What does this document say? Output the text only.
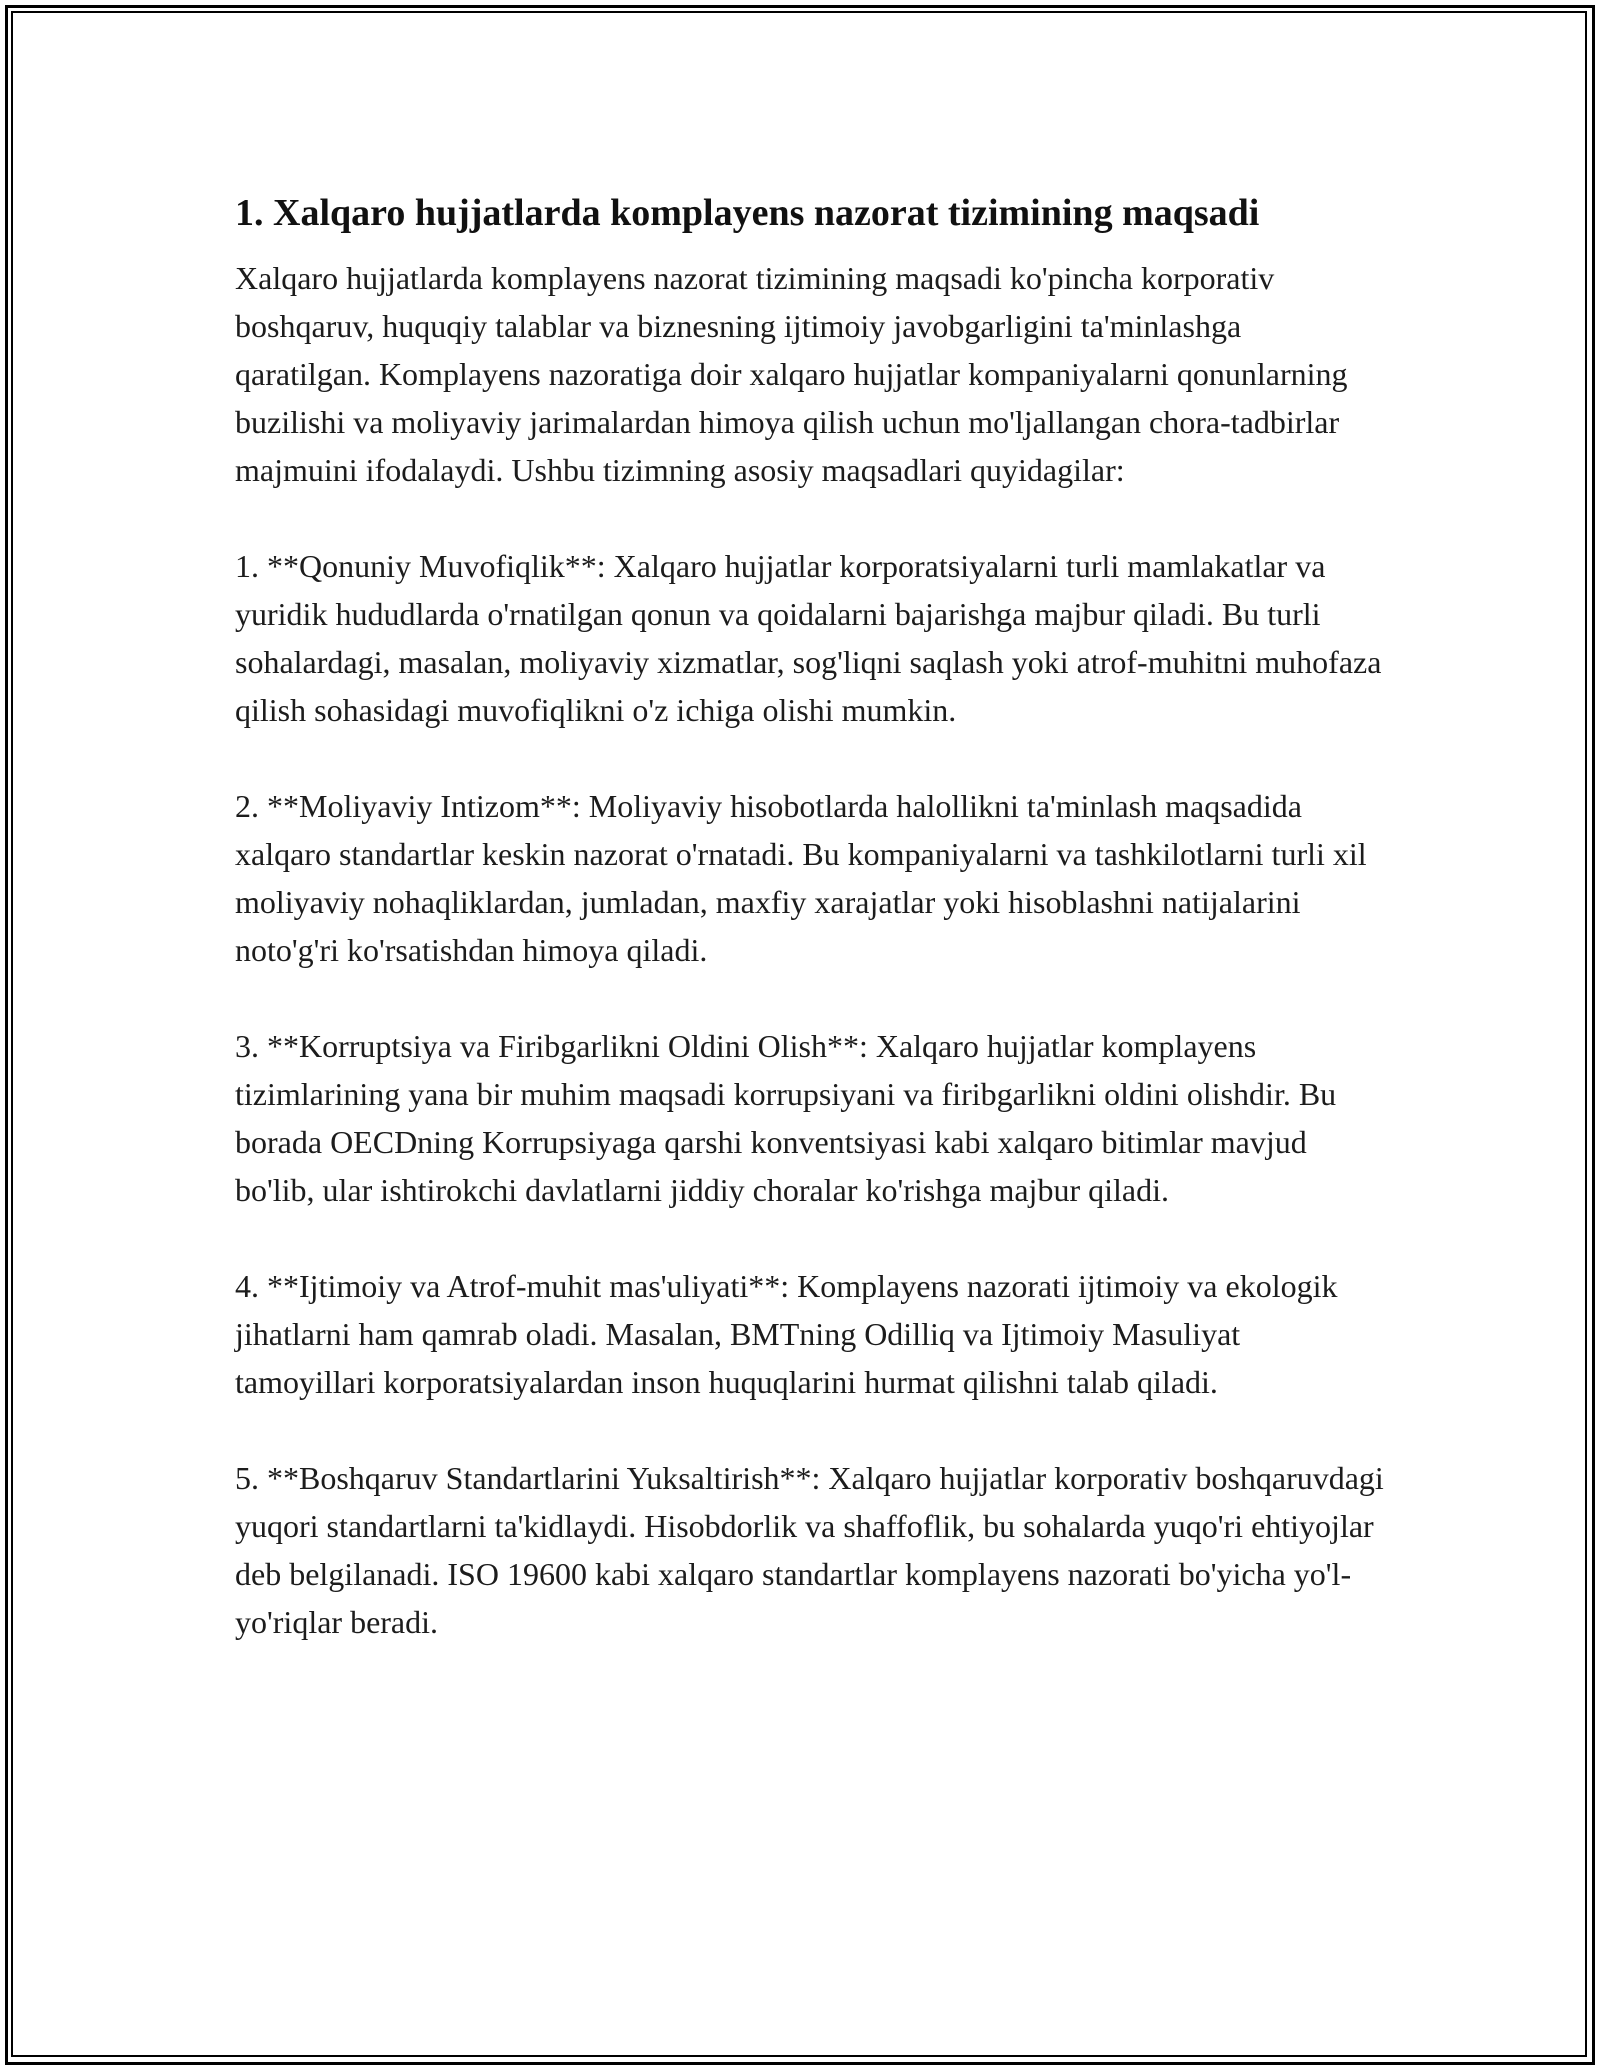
1. Xalqaro hujjatlarda komplayens nazorat tizimining maqsadi

Xalqaro hujjatlarda komplayens nazorat tizimining maqsadi ko'pincha korporativ boshqaruv, huquqiy talablar va biznesning ijtimoiy javobgarligini ta'minlashga qaratilgan. Komplayens nazoratiga doir xalqaro hujjatlar kompaniyalarni qonunlarning buzilishi va moliyaviy jarimalardan himoya qilish uchun mo'ljallangan chora-tadbirlar majmuini ifodalaydi. Ushbu tizimning asosiy maqsadlari quyidagilar:

1. **Qonuniy Muvofiqlik**: Xalqaro hujjatlar korporatsiyalarni turli mamlakatlar va yuridik hududlarda o'rnatilgan qonun va qoidalarni bajarishga majbur qiladi. Bu turli sohalardagi, masalan, moliyaviy xizmatlar, sog'liqni saqlash yoki atrof-muhitni muhofaza qilish sohasidagi muvofiqlikni o'z ichiga olishi mumkin.

2. **Moliyaviy Intizom**: Moliyaviy hisobotlarda halollikni ta'minlash maqsadida xalqaro standartlar keskin nazorat o'rnatadi. Bu kompaniyalarni va tashkilotlarni turli xil moliyaviy nohaqliklardan, jumladan, maxfiy xarajatlar yoki hisoblashni natijalarini noto'g'ri ko'rsatishdan himoya qiladi.

3. **Korruptsiya va Firibgarlikni Oldini Olish**: Xalqaro hujjatlar komplayens tizimlarining yana bir muhim maqsadi korrupsiyani va firibgarlikni oldini olishdir. Bu borada OECDning Korrupsiyaga qarshi konventsiyasi kabi xalqaro bitimlar mavjud bo'lib, ular ishtirokchi davlatlarni jiddiy choralar ko'rishga majbur qiladi.

4. **Ijtimoiy va Atrof-muhit mas'uliyati**: Komplayens nazorati ijtimoiy va ekologik jihatlarni ham qamrab oladi. Masalan, BMTning Odilliq va Ijtimoiy Masuliyat tamoyillari korporatsiyalardan inson huquqlarini hurmat qilishni talab qiladi.

5. **Boshqaruv Standartlarini Yuksaltirish**: Xalqaro hujjatlar korporativ boshqaruvdagi yuqori standartlarni ta'kidlaydi. Hisobdorlik va shaffoflik, bu sohalarda yuqo'ri ehtiyojlar deb belgilanadi. ISO 19600 kabi xalqaro standartlar komplayens nazorati bo'yicha yo'l-yo'riqlar beradi.
